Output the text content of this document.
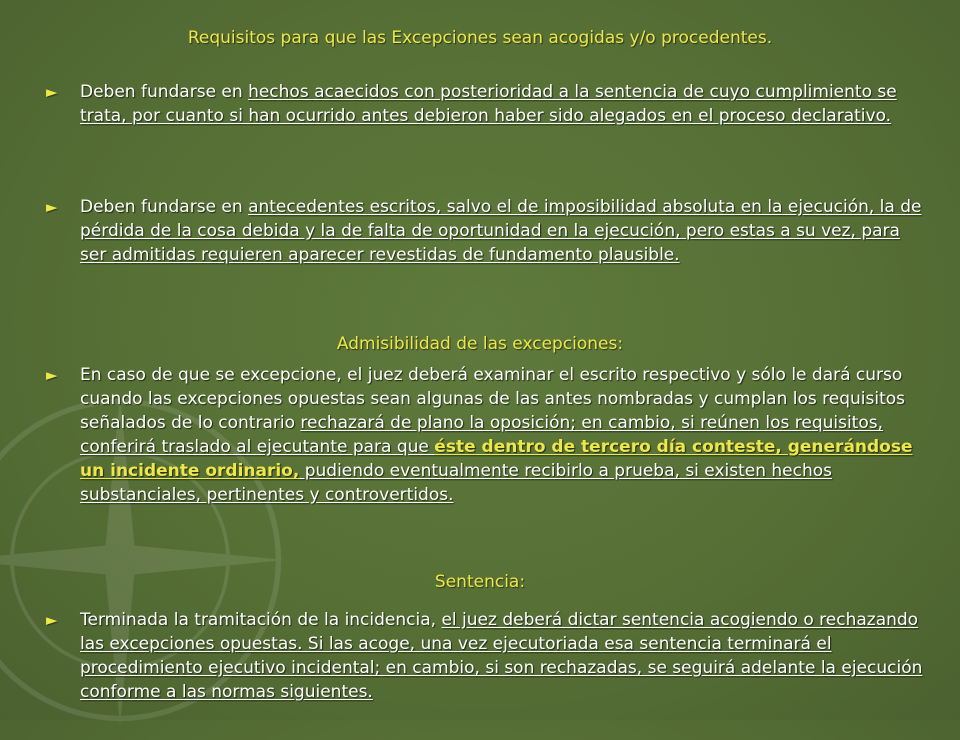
Requisitos para que las Excepciones sean acogidas y/o procedentes.
► Deben fundarse en hechos acaecidos con posterioridad a la sentencia de cuyo cumplimiento se trata, por cuanto si han ocurrido antes debieron haber sido alegados en el proceso declarativo.
► Deben fundarse en antecedentes escritos, salvo el de imposibilidad absoluta en la ejecución, la de pérdida de la cosa debida y la de falta de oportunidad en la ejecución, pero estas a su vez, para ser admitidas requieren aparecer revestidas de fundamento plausible.
Admisibilidad de las excepciones:
► En caso de que se excepcione, el juez deberá examinar el escrito respectivo y sólo le dará curso cuando las excepciones opuestas sean algunas de las antes nombradas y cumplan los requisitos señalados de lo contrario rechazará de plano la oposición; en cambio, si reúnen los requisitos, conferirá traslado al ejecutante para que éste dentro de tercero día conteste, generándose un incidente ordinario, pudiendo eventualmente recibirlo a prueba, si existen hechos substanciales, pertinentes y controvertidos.
Sentencia:
► Terminada la tramitación de la incidencia, el juez deberá dictar sentencia acogiendo o rechazando las excepciones opuestas. Si las acoge, una vez ejecutoriada esa sentencia terminará el procedimiento ejecutivo incidental; en cambio, si son rechazadas, se seguirá adelante la ejecución conforme a las normas siguientes.
